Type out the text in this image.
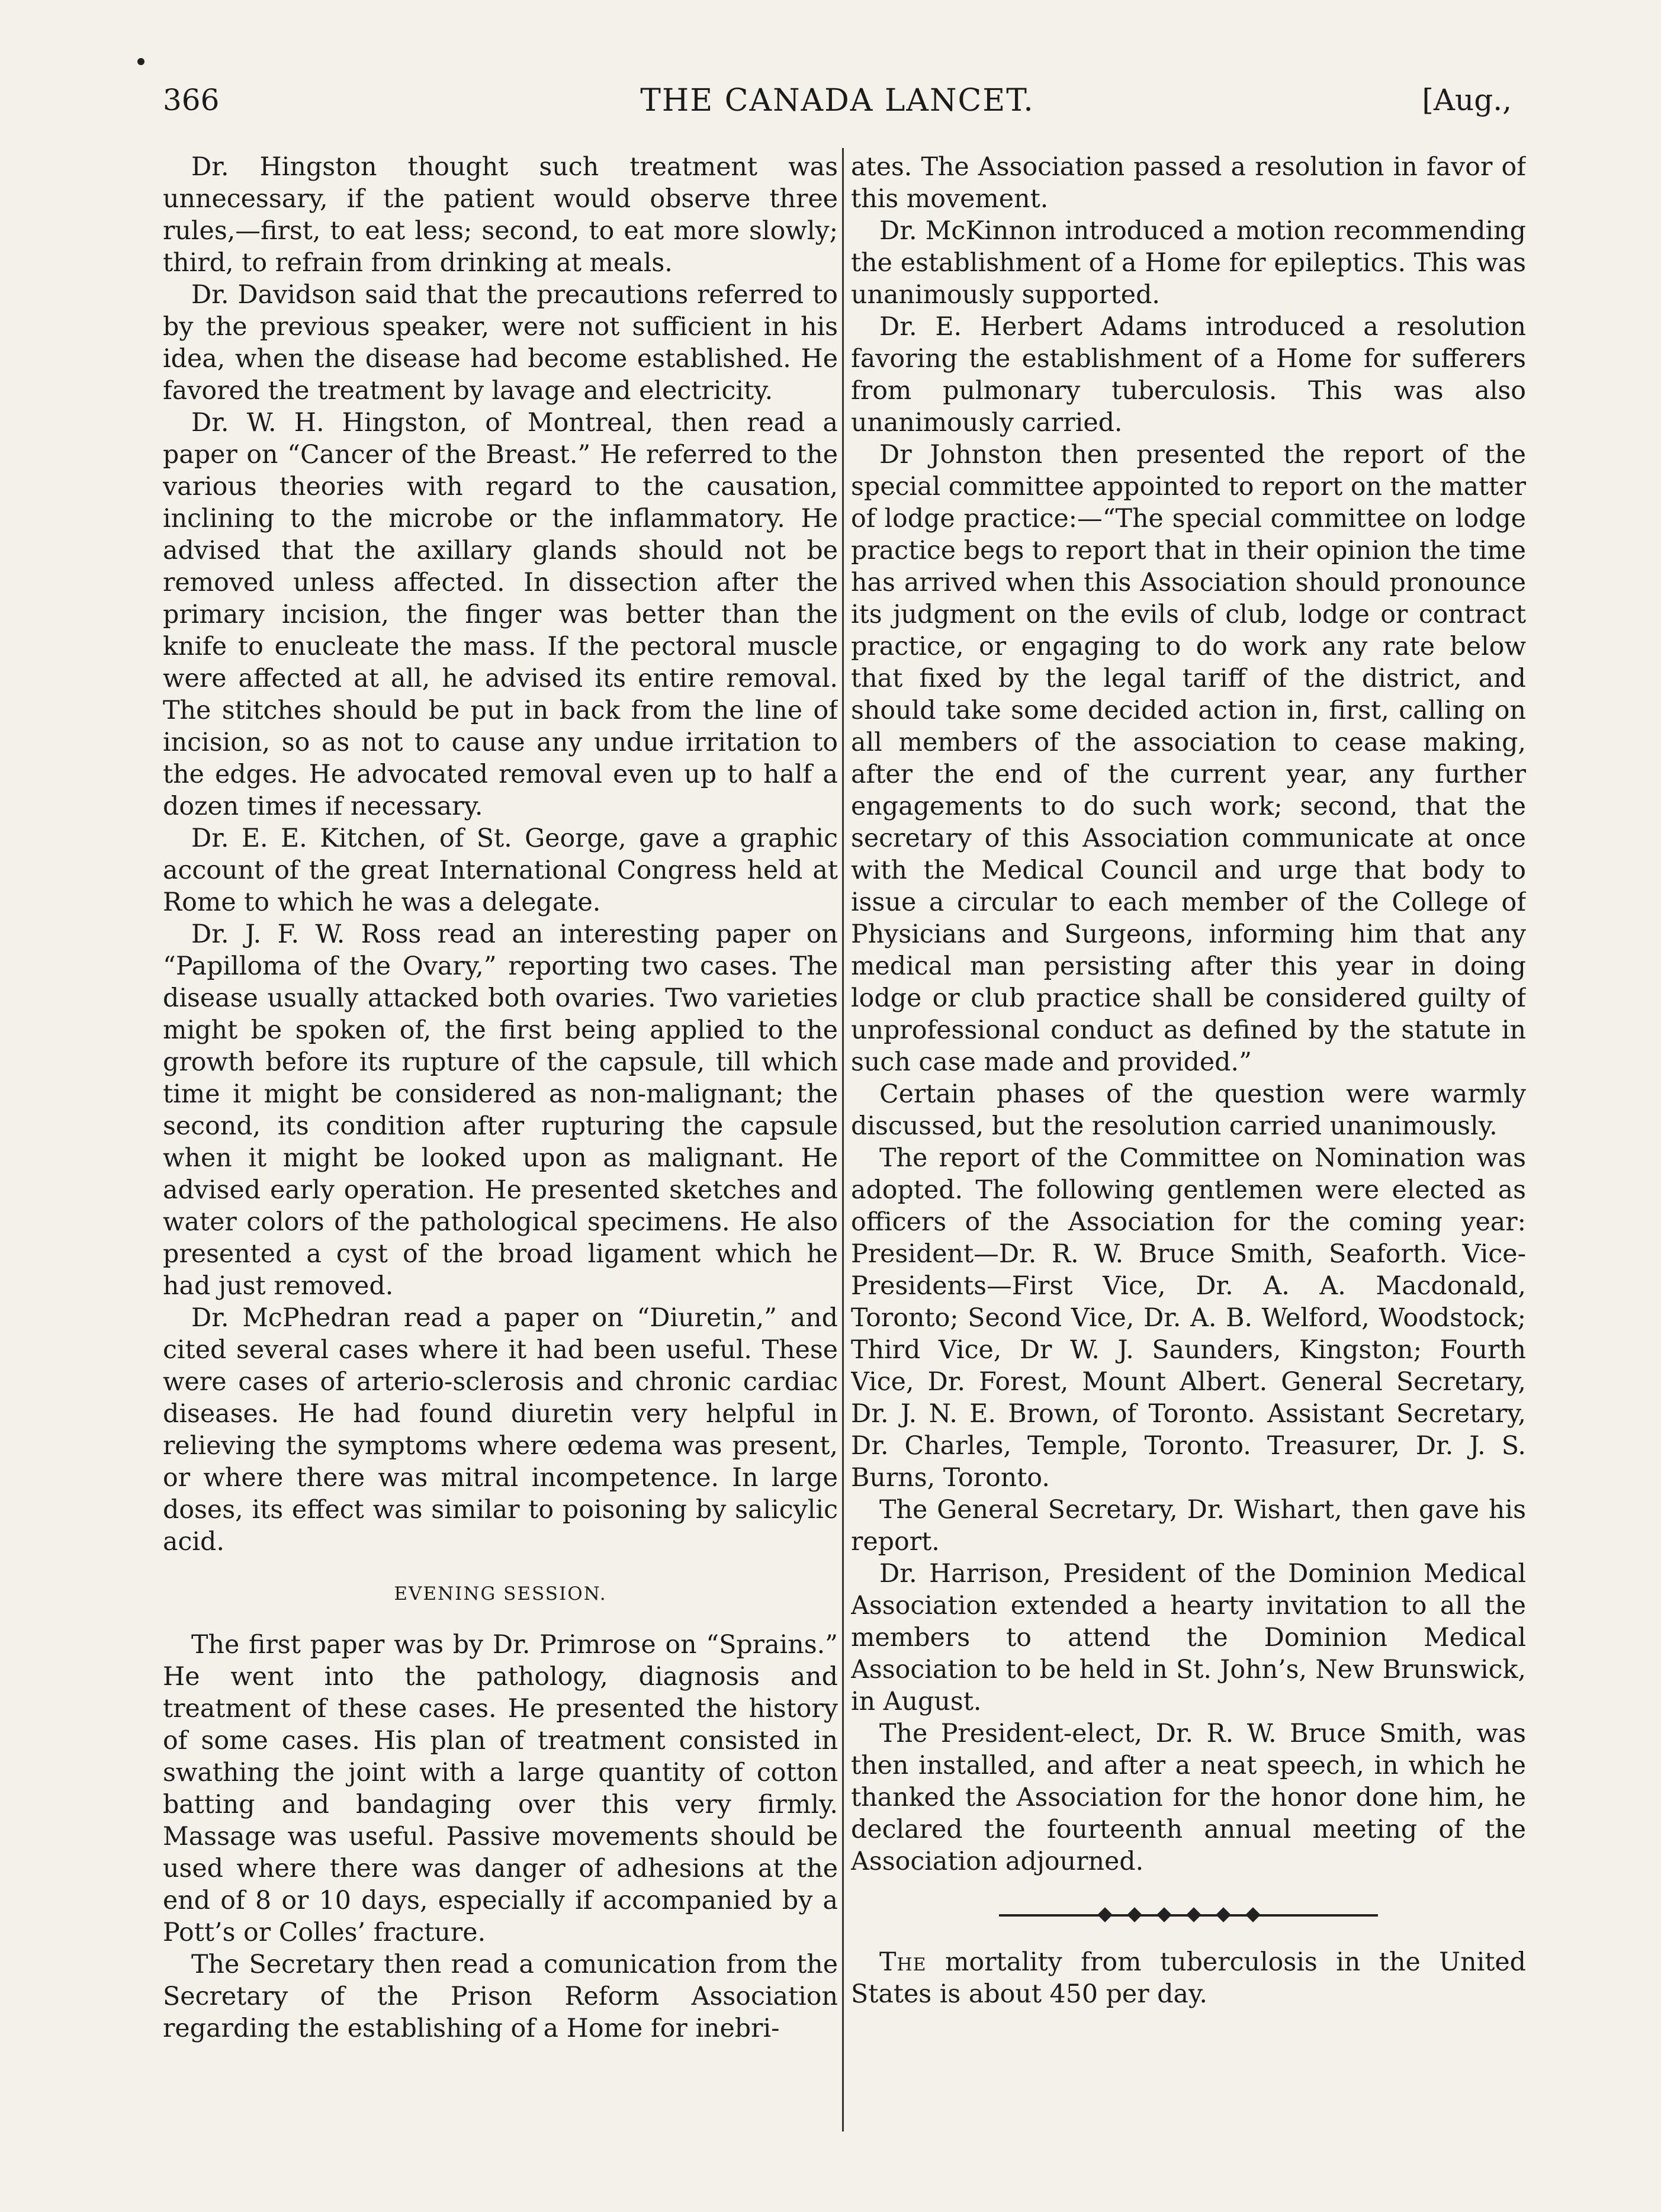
366	THE CANADA LANCET.	[Aug.,

Dr. Hingston thought such treatment was unnecessary, if the patient would observe three rules,—first, to eat less; second, to eat more slowly; third, to refrain from drinking at meals.

Dr. Davidson said that the precautions referred to by the previous speaker, were not sufficient in his idea, when the disease had become established. He favored the treatment by lavage and electricity.

Dr. W. H. Hingston, of Montreal, then read a paper on “Cancer of the Breast.” He referred to the various theories with regard to the causation, inclining to the microbe or the inflammatory. He advised that the axillary glands should not be removed unless affected. In dissection after the primary incision, the finger was better than the knife to enucleate the mass. If the pectoral muscle were affected at all, he advised its entire removal. The stitches should be put in back from the line of incision, so as not to cause any undue irritation to the edges. He advocated removal even up to half a dozen times if necessary.

Dr. E. E. Kitchen, of St. George, gave a graphic account of the great International Congress held at Rome to which he was a delegate.

Dr. J. F. W. Ross read an interesting paper on “Papilloma of the Ovary,” reporting two cases. The disease usually attacked both ovaries. Two varieties might be spoken of, the first being applied to the growth before its rupture of the capsule, till which time it might be considered as non-malignant; the second, its condition after rupturing the capsule when it might be looked upon as malignant. He advised early operation. He presented sketches and water colors of the pathological specimens. He also presented a cyst of the broad ligament which he had just removed.

Dr. McPhedran read a paper on “Diuretin,” and cited several cases where it had been useful. These were cases of arterio-sclerosis and chronic cardiac diseases. He had found diuretin very helpful in relieving the symptoms where œdema was present, or where there was mitral incompetence. In large doses, its effect was similar to poisoning by salicylic acid.

EVENING SESSION.

The first paper was by Dr. Primrose on “Sprains.” He went into the pathology, diagnosis and treatment of these cases. He presented the history of some cases. His plan of treatment consisted in swathing the joint with a large quantity of cotton batting and bandaging over this very firmly. Massage was useful. Passive movements should be used where there was danger of adhesions at the end of 8 or 10 days, especially if accompanied by a Pott’s or Colles’ fracture.

The Secretary then read a comunication from the Secretary of the Prison Reform Association regarding the establishing of a Home for inebri-

ates. The Association passed a resolution in favor of this movement.

Dr. McKinnon introduced a motion recommending the establishment of a Home for epileptics. This was unanimously supported.

Dr. E. Herbert Adams introduced a resolution favoring the establishment of a Home for sufferers from pulmonary tuberculosis. This was also unanimously carried.

Dr Johnston then presented the report of the special committee appointed to report on the matter of lodge practice:—“The special committee on lodge practice begs to report that in their opinion the time has arrived when this Association should pronounce its judgment on the evils of club, lodge or contract practice, or engaging to do work any rate below that fixed by the legal tariff of the district, and should take some decided action in, first, calling on all members of the association to cease making, after the end of the current year, any further engagements to do such work; second, that the secretary of this Association communicate at once with the Medical Council and urge that body to issue a circular to each member of the College of Physicians and Surgeons, informing him that any medical man persisting after this year in doing lodge or club practice shall be considered guilty of unprofessional conduct as defined by the statute in such case made and provided.”

Certain phases of the question were warmly discussed, but the resolution carried unanimously.

The report of the Committee on Nomination was adopted. The following gentlemen were elected as officers of the Association for the coming year: President—Dr. R. W. Bruce Smith, Seaforth. Vice-Presidents—First Vice, Dr. A. A. Macdonald, Toronto; Second Vice, Dr. A. B. Welford, Woodstock; Third Vice, Dr W. J. Saunders, Kingston; Fourth Vice, Dr. Forest, Mount Albert. General Secretary, Dr. J. N. E. Brown, of Toronto. Assistant Secretary, Dr. Charles, Temple, Toronto. Treasurer, Dr. J. S. Burns, Toronto.

The General Secretary, Dr. Wishart, then gave his report.

Dr. Harrison, President of the Dominion Medical Association extended a hearty invitation to all the members to attend the Dominion Medical Association to be held in St. John’s, New Brunswick, in August.

The President-elect, Dr. R. W. Bruce Smith, was then installed, and after a neat speech, in which he thanked the Association for the honor done him, he declared the fourteenth annual meeting of the Association adjourned.

The mortality from tuberculosis in the United States is about 450 per day.
